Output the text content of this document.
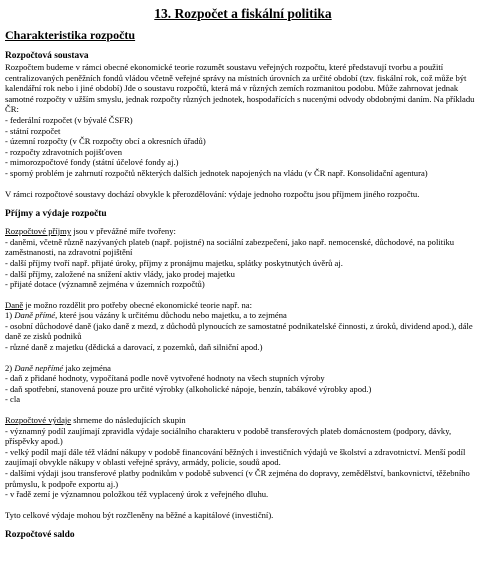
13. Rozpočet a fiskální politika
Charakteristika rozpočtu
Rozpočtová soustava

Rozpočtem budeme v rámci obecné ekonomické teorie rozumět soustavu veřejných rozpočtu, které představují tvorbu a použití centralizovaných peněžních fondů vládou včetně veřejné správy na místních úrovních za určité období (tzv. fiskální rok, což může být kalendářní rok nebo i jiné období) Jde o soustavu rozpočtů, která má v různých zemích rozmanitou podobu. Může zahrnovat jednak samotné rozpočty v užším smyslu, jednak rozpočty různých jednotek, hospodařících s nucenými odvody obdobnými daním. Na příkladu ČR:

- federální rozpočet (v bývalé ČSFR)
- státní rozpočet
- územní rozpočty (v ČR rozpočty obcí a okresních úřadů)
- rozpočty zdravotních pojišťoven
- mimorozpočtové fondy (státní účelové fondy aj.)
- sporný problém je zahrnutí rozpočtů některých dalších jednotek napojených na vládu (v ČR např. Konsolidační agentura)

V rámci rozpočtové soustavy dochází obvykle k přerozdělování: výdaje jednoho rozpočtu jsou příjmem jiného rozpočtu.

Příjmy a výdaje rozpočtu

Rozpočtové příjmy jsou v převážné míře tvořeny:

- daněmi, včetně různě nazývaných plateb (např. pojistné) na sociální zabezpečení, jako např. nemocenské, důchodové, na politiku zaměstnanosti, na zdravotní pojištění
- další příjmy tvoří např. přijaté úroky, příjmy z pronájmu majetku, splátky poskytnutých úvěrů aj.
- další příjmy, založené na snížení aktiv vlády, jako prodej majetku
- přijaté dotace (významně zejména v územních rozpočtů)

Daně je možno rozdělit pro potřeby obecné ekonomické teorie např. na:

1) Daně přímé, které jsou vázány k určitému důchodu nebo majetku, a to zejména

- osobní důchodové daně (jako daně z mezd, z důchodů plynoucích ze samostatné podnikatelské činnosti, z úroků, dividend apod.), dále daně ze zisků podniků
- různé daně z majetku (dědická a darovací, z pozemků, daň silniční apod.)

2) Daně nepřímé jako zejména

- daň z přidané hodnoty, vypočítaná podle nově vytvořené hodnoty na všech stupních výroby
- daň spotřební, stanovená pouze pro určité výrobky (alkoholické nápoje, benzín, tabákové výrobky apod.)
- cla

Rozpočtové výdaje shrneme do následujících skupin

- významný podíl zaujímají zpravidla výdaje sociálního charakteru v podobě transferových plateb domácnostem (podpory, dávky, příspěvky apod.)
- velký podíl mají dále též vládní nákupy v podobě financování běžných i investičních výdajů ve školství a zdravotnictví. Menší podíl zaujímají obvykle nákupy v oblasti veřejné správy, armády, policie, soudů apod.
- dalšími výdaji jsou transferové platby podnikům v podobě subvencí (v ČR zejména do dopravy, zemědělství, bankovnictví, těžebního průmyslu, k podpoře exportu aj.)
- v řadě zemí je významnou položkou též vyplacený úrok z veřejného dluhu.

Tyto celkové výdaje mohou být rozčleněny na běžné a kapitálové (investiční).

Rozpočtové saldo
